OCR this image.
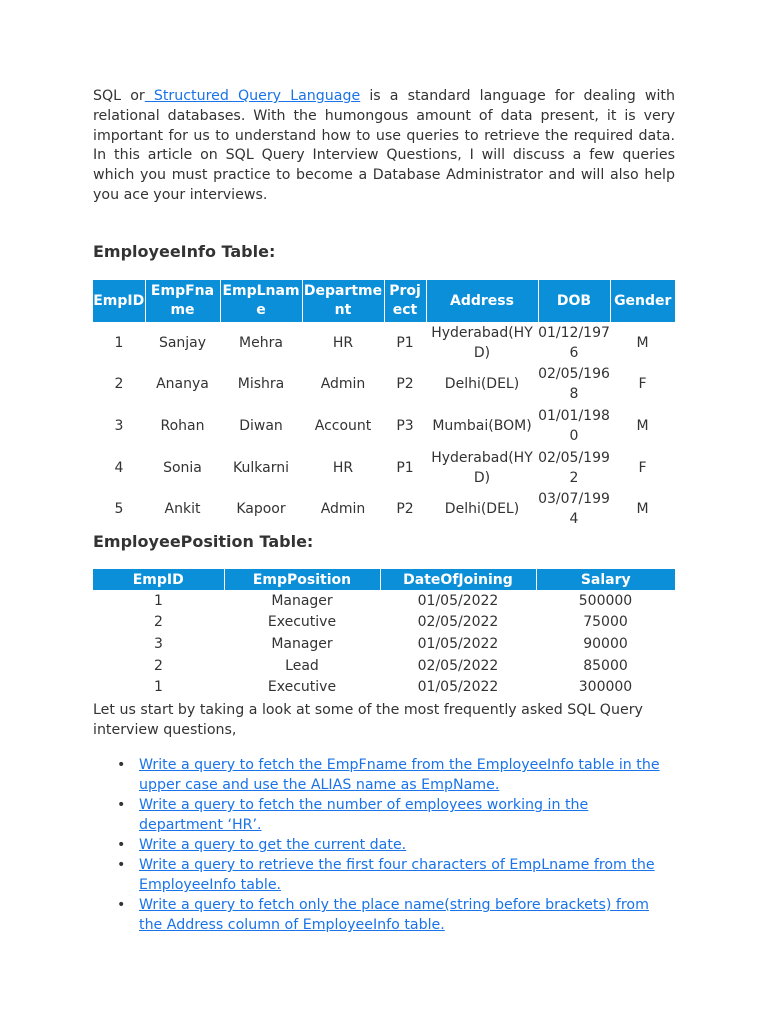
SQL or Structured Query Language is a standard language for dealing with relational databases. With the humongous amount of data present, it is very important for us to understand how to use queries to retrieve the required data. In this article on SQL Query Interview Questions, I will discuss a few queries which you must practice to become a Database Administrator and will also help you ace your interviews.

EmployeeInfo Table:
EmpID	EmpFname	EmpLname	Department	Project	Address	DOB	Gender
1	Sanjay	Mehra	HR	P1	Hyderabad(HYD)	01/12/1976	M
2	Ananya	Mishra	Admin	P2	Delhi(DEL)	02/05/1968	F
3	Rohan	Diwan	Account	P3	Mumbai(BOM)	01/01/1980	M
4	Sonia	Kulkarni	HR	P1	Hyderabad(HYD)	02/05/1992	F
5	Ankit	Kapoor	Admin	P2	Delhi(DEL)	03/07/1994	M
EmployeePosition Table:
EmpID	EmpPosition	DateOfJoining	Salary
1	Manager	01/05/2022	500000
2	Executive	02/05/2022	75000
3	Manager	01/05/2022	90000
2	Lead	02/05/2022	85000
1	Executive	01/05/2022	300000

Let us start by taking a look at some of the most frequently asked SQL Query interview questions,

• Write a query to fetch the EmpFname from the EmployeeInfo table in the upper case and use the ALIAS name as EmpName.
• Write a query to fetch the number of employees working in the department ‘HR’.
• Write a query to get the current date.
• Write a query to retrieve the first four characters of EmpLname from the EmployeeInfo table.
• Write a query to fetch only the place name(string before brackets) from the Address column of EmployeeInfo table.
